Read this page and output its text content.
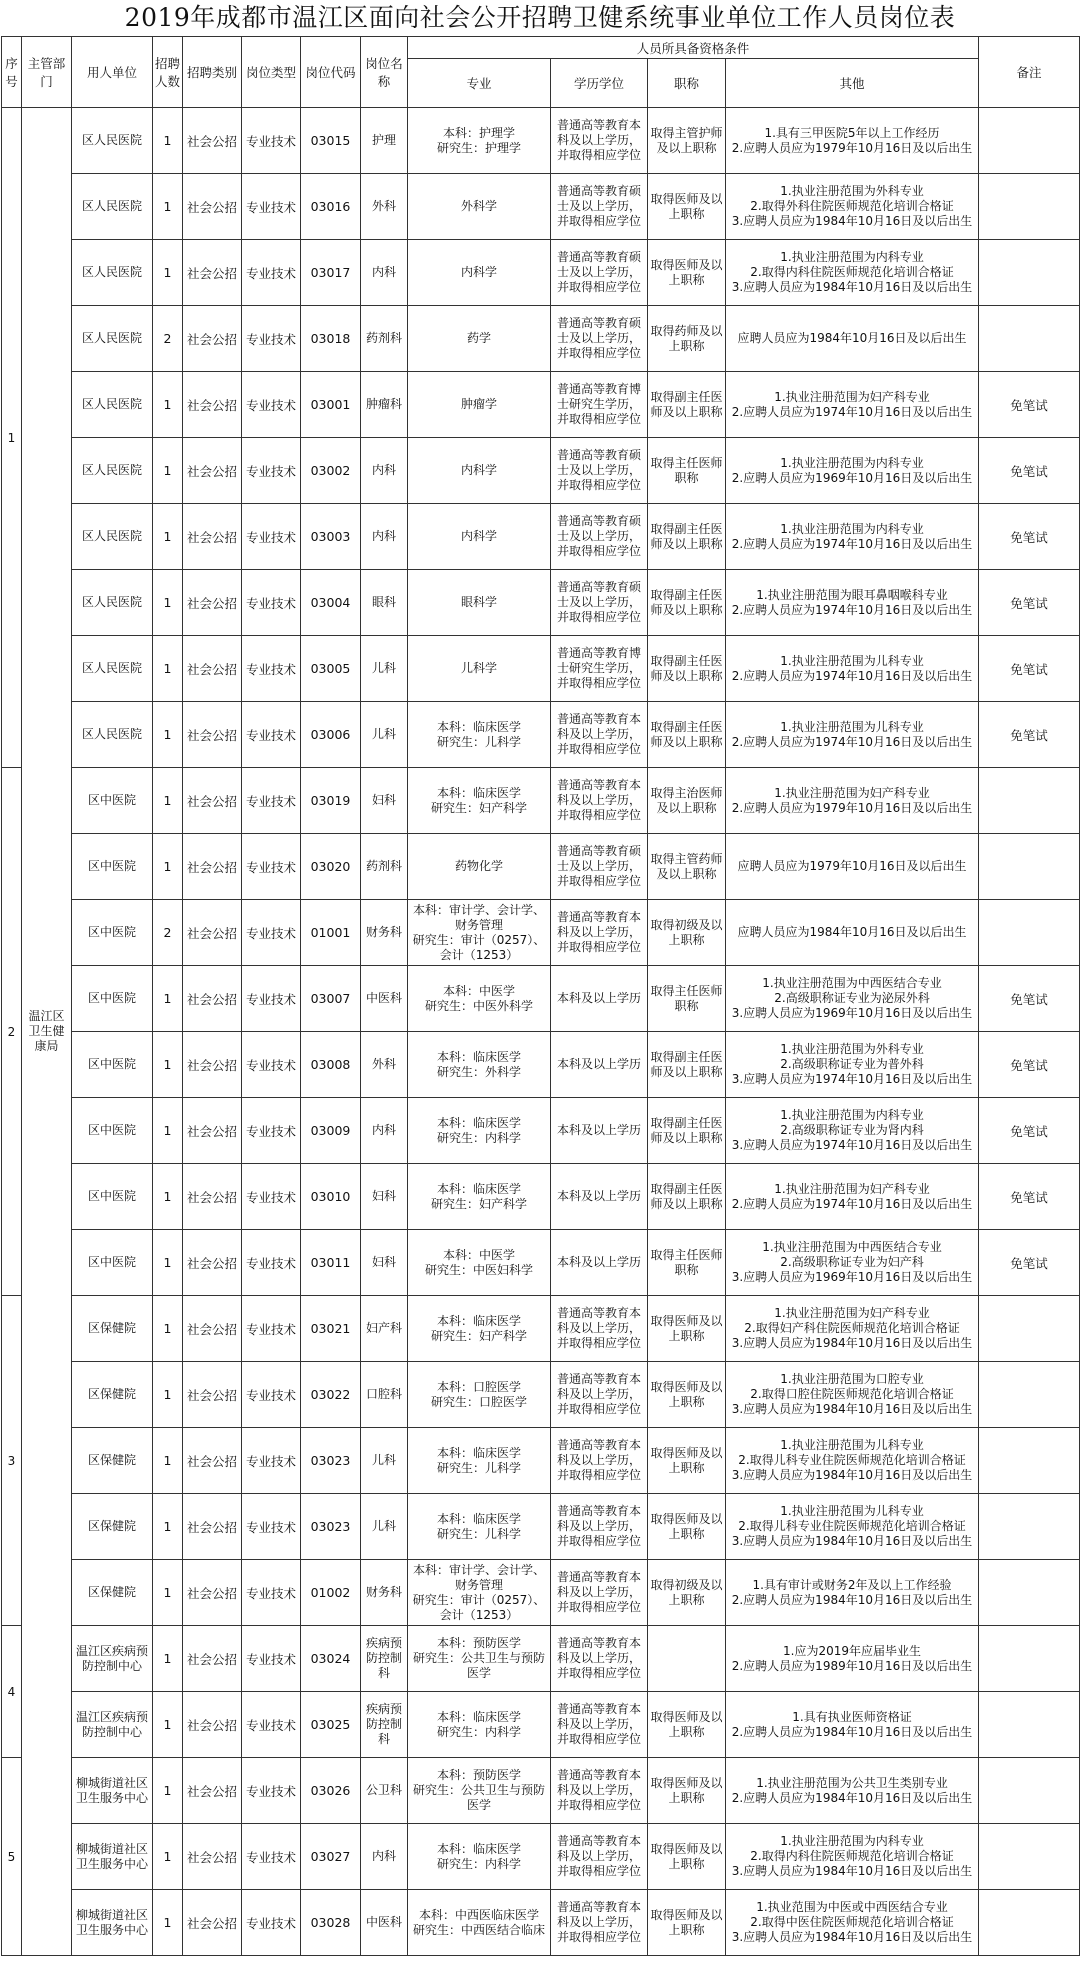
2019年成都市温江区面向社会公开招聘卫健系统事业单位工作人员岗位表
序号	主管部门	用人单位	招聘人数	招聘类别	岗位类型	岗位代码	岗位名称	人员所具备资格条件				备注
								专业	学历学位	职称	其他	
1	温江区卫生健康局	区人民医院	1	社会公招	专业技术	03015	护理	本科：护理学
研究生：护理学	普通高等教育本科及以上学历，并取得相应学位	取得主管护师及以上职称	1.具有三甲医院5年以上工作经历
2.应聘人员应为1979年10月16日及以后出生	
		区人民医院	1	社会公招	专业技术	03016	外科	外科学	普通高等教育硕士及以上学历，并取得相应学位	取得医师及以上职称	1.执业注册范围为外科专业
2.取得外科住院医师规范化培训合格证
3.应聘人员应为1984年10月16日及以后出生	
		区人民医院	1	社会公招	专业技术	03017	内科	内科学	普通高等教育硕士及以上学历，并取得相应学位	取得医师及以上职称	1.执业注册范围为内科专业
2.取得内科住院医师规范化培训合格证
3.应聘人员应为1984年10月16日及以后出生	
		区人民医院	2	社会公招	专业技术	03018	药剂科	药学	普通高等教育硕士及以上学历，并取得相应学位	取得药师及以上职称	应聘人员应为1984年10月16日及以后出生	
		区人民医院	1	社会公招	专业技术	03001	肿瘤科	肿瘤学	普通高等教育博士研究生学历，并取得相应学位	取得副主任医师及以上职称	1.执业注册范围为妇产科专业
2.应聘人员应为1974年10月16日及以后出生	免笔试
		区人民医院	1	社会公招	专业技术	03002	内科	内科学	普通高等教育硕士及以上学历，并取得相应学位	取得主任医师职称	1.执业注册范围为内科专业
2.应聘人员应为1969年10月16日及以后出生	免笔试
		区人民医院	1	社会公招	专业技术	03003	内科	内科学	普通高等教育硕士及以上学历，并取得相应学位	取得副主任医师及以上职称	1.执业注册范围为内科专业
2.应聘人员应为1974年10月16日及以后出生	免笔试
		区人民医院	1	社会公招	专业技术	03004	眼科	眼科学	普通高等教育硕士及以上学历，并取得相应学位	取得副主任医师及以上职称	1.执业注册范围为眼耳鼻咽喉科专业
2.应聘人员应为1974年10月16日及以后出生	免笔试
		区人民医院	1	社会公招	专业技术	03005	儿科	儿科学	普通高等教育博士研究生学历，并取得相应学位	取得副主任医师及以上职称	1.执业注册范围为儿科专业
2.应聘人员应为1974年10月16日及以后出生	免笔试
		区人民医院	1	社会公招	专业技术	03006	儿科	本科：临床医学
研究生：儿科学	普通高等教育本科及以上学历，并取得相应学位	取得副主任医师及以上职称	1.执业注册范围为儿科专业
2.应聘人员应为1974年10月16日及以后出生	免笔试
2		区中医院	1	社会公招	专业技术	03019	妇科	本科：临床医学
研究生：妇产科学	普通高等教育本科及以上学历，并取得相应学位	取得主治医师及以上职称	1.执业注册范围为妇产科专业
2.应聘人员应为1979年10月16日及以后出生	
		区中医院	1	社会公招	专业技术	03020	药剂科	药物化学	普通高等教育硕士及以上学历，并取得相应学位	取得主管药师及以上职称	应聘人员应为1979年10月16日及以后出生	
		区中医院	2	社会公招	专业技术	01001	财务科	本科：审计学、会计学、财务管理
研究生：审计（0257）、会计（1253）	普通高等教育本科及以上学历，并取得相应学位	取得初级及以上职称	应聘人员应为1984年10月16日及以后出生	
		区中医院	1	社会公招	专业技术	03007	中医科	本科：中医学
研究生：中医外科学	本科及以上学历	取得主任医师职称	1.执业注册范围为中西医结合专业
2.高级职称证专业为泌尿外科
3.应聘人员应为1969年10月16日及以后出生	免笔试
		区中医院	1	社会公招	专业技术	03008	外科	本科：临床医学
研究生：外科学	本科及以上学历	取得副主任医师及以上职称	1.执业注册范围为外科专业
2.高级职称证专业为普外科
3.应聘人员应为1974年10月16日及以后出生	免笔试
		区中医院	1	社会公招	专业技术	03009	内科	本科：临床医学
研究生：内科学	本科及以上学历	取得副主任医师及以上职称	1.执业注册范围为内科专业
2.高级职称证专业为肾内科
3.应聘人员应为1974年10月16日及以后出生	免笔试
		区中医院	1	社会公招	专业技术	03010	妇科	本科：临床医学
研究生：妇产科学	本科及以上学历	取得副主任医师及以上职称	1.执业注册范围为妇产科专业
2.应聘人员应为1974年10月16日及以后出生	免笔试
		区中医院	1	社会公招	专业技术	03011	妇科	本科：中医学
研究生：中医妇科学	本科及以上学历	取得主任医师职称	1.执业注册范围为中西医结合专业
2.高级职称证专业为妇产科
3.应聘人员应为1969年10月16日及以后出生	免笔试
3		区保健院	1	社会公招	专业技术	03021	妇产科	本科：临床医学
研究生：妇产科学	普通高等教育本科及以上学历，并取得相应学位	取得医师及以上职称	1.执业注册范围为妇产科专业
2.取得妇产科住院医师规范化培训合格证
3.应聘人员应为1984年10月16日及以后出生	
		区保健院	1	社会公招	专业技术	03022	口腔科	本科：口腔医学
研究生：口腔医学	普通高等教育本科及以上学历，并取得相应学位	取得医师及以上职称	1.执业注册范围为口腔专业
2.取得口腔住院医师规范化培训合格证
3.应聘人员应为1984年10月16日及以后出生	
		区保健院	1	社会公招	专业技术	03023	儿科	本科：临床医学
研究生：儿科学	普通高等教育本科及以上学历，并取得相应学位	取得医师及以上职称	1.执业注册范围为儿科专业
2.取得儿科专业住院医师规范化培训合格证
3.应聘人员应为1984年10月16日及以后出生	
		区保健院	1	社会公招	专业技术	03023	儿科	本科：临床医学
研究生：儿科学	普通高等教育本科及以上学历，并取得相应学位	取得医师及以上职称	1.执业注册范围为儿科专业
2.取得儿科专业住院医师规范化培训合格证
3.应聘人员应为1984年10月16日及以后出生	
		区保健院	1	社会公招	专业技术	01002	财务科	本科：审计学、会计学、财务管理
研究生：审计（0257）、会计（1253）	普通高等教育本科及以上学历，并取得相应学位	取得初级及以上职称	1.具有审计或财务2年及以上工作经验
2.应聘人员应为1984年10月16日及以后出生	
4		温江区疾病预防控制中心	1	社会公招	专业技术	03024	疾病预防控制科	本科：预防医学
研究生：公共卫生与预防医学	普通高等教育本科及以上学历，并取得相应学位		1.应为2019年应届毕业生
2.应聘人员应为1989年10月16日及以后出生	
		温江区疾病预防控制中心	1	社会公招	专业技术	03025	疾病预防控制科	本科：临床医学
研究生：内科学	普通高等教育本科及以上学历，并取得相应学位	取得医师及以上职称	1.具有执业医师资格证
2.应聘人员应为1984年10月16日及以后出生	
5		柳城街道社区卫生服务中心	1	社会公招	专业技术	03026	公卫科	本科：预防医学
研究生：公共卫生与预防医学	普通高等教育本科及以上学历，并取得相应学位	取得医师及以上职称	1.执业注册范围为公共卫生类别专业
2.应聘人员应为1984年10月16日及以后出生	
		柳城街道社区卫生服务中心	1	社会公招	专业技术	03027	内科	本科：临床医学
研究生：内科学	普通高等教育本科及以上学历，并取得相应学位	取得医师及以上职称	1.执业注册范围为内科专业
2.取得内科住院医师规范化培训合格证
3.应聘人员应为1984年10月16日及以后出生	
		柳城街道社区卫生服务中心	1	社会公招	专业技术	03028	中医科	本科：中西医临床医学
研究生：中西医结合临床	普通高等教育本科及以上学历，并取得相应学位	取得医师及以上职称	1.执业范围为中医或中西医结合专业
2.取得中医住院医师规范化培训合格证
3.应聘人员应为1984年10月16日及以后出生	
